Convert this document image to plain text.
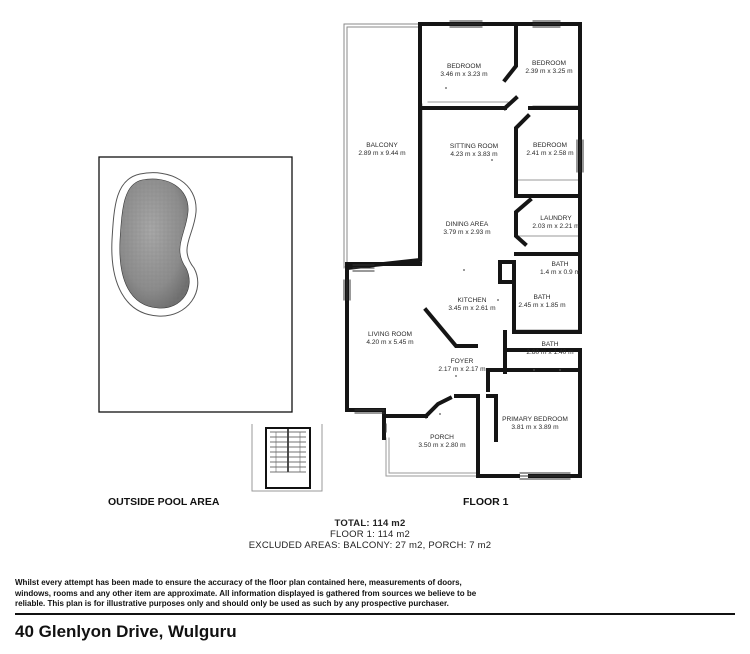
BEDROOM
3.46 m x 3.23 m
BEDROOM
2.39 m x 3.25 m
BALCONY
2.89 m x 9.44 m
SITTING ROOM
4.23 m x 3.83 m
BEDROOM
2.41 m x 2.58 m
LAUNDRY
2.03 m x 2.21 m
DINING AREA
3.79 m x 2.93 m
BATH
1.4 m x 0.9 m
KITCHEN
3.45 m x 2.61 m
BATH
2.45 m x 1.85 m
LIVING ROOM
4.20 m x 5.45 m	BATH
2.80 m x 1.40 m
FOYER
2.17 m x 2.17 m
PRIMARY BEDROOM
3.81 m x 3.89 m
PORCH
3.50 m x 2.80 m
OUTSIDE POOL AREA	FLOOR 1
TOTAL: 114 m2
FLOOR 1: 114 m2
EXCLUDED AREAS: BALCONY: 27 m2, PORCH: 7 m2
Whilst every attempt has been made to ensure the accuracy of the floor plan contained here, measurements of doors, windows, rooms and any other item are approximate. All information displayed is gathered from sources we believe to be reliable. This plan is for illustrative purposes only and should only be used as such by any prospective purchaser.
40 Glenlyon Drive, Wulguru
